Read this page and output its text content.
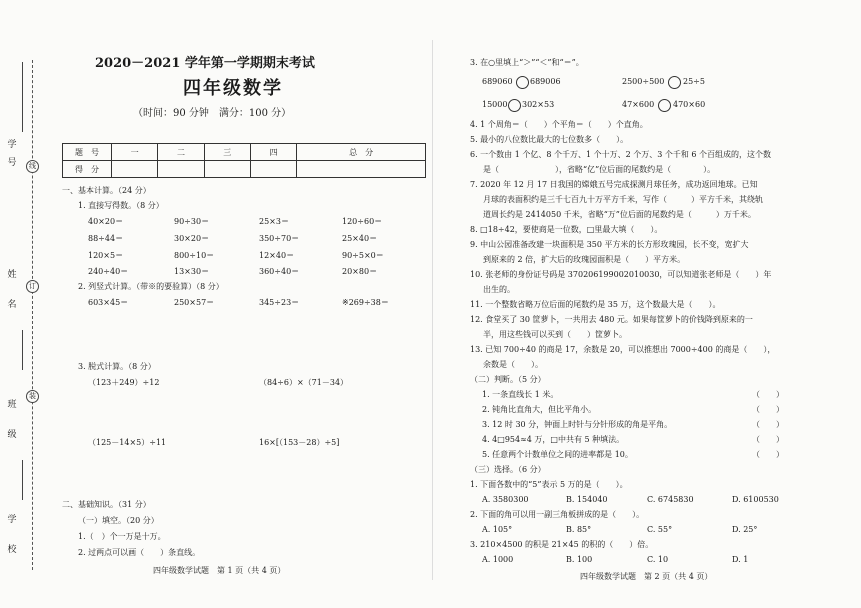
学
号
姓
名
班
级
学
校
线
订
装
2020－2021 学年第一学期期末考试
四年级数学
（时间：90 分钟　满分：100 分）
题　号	一	二	三	四	总　分
得　分					
一、基本计算。（24 分）
1. 直接写得数。（8 分）
40×20＝	90÷30＝	25×3＝	120÷60＝
88÷44＝	30×20＝	350÷70＝	25×40＝
120×5＝	800÷10＝	12×40＝	90÷5×0＝
240÷40＝	13×30＝	360÷40＝	20×80＝
2. 列竖式计算。（带※的要验算）（8 分）
603×45＝	250×57＝	345÷23＝	※269÷38＝
3. 脱式计算。（8 分）
（123＋249）÷12	（84÷6）×（71－34）
（125－14×5）÷11	16×[（153－28）÷5]
二、基础知识。（31 分）
（一）填空。（20 分）
1.（　）个一万是十万。
2. 过两点可以画（　　）条直线。
四年级数学试题　第 1 页（共 4 页）
3. 在○里填上“＞”“＜”和“＝”。
689060 689006	2500÷500 25÷5
15000 302×53	47×600 470×60
4. 1 个周角＝（　　）个平角＝（　　）个直角。
5. 最小的八位数比最大的七位数多（　　）。
6. 一个数由 1 个亿、8 个千万、1 个十万、2 个万、3 个千和 6 个百组成的，这个数
是（　　　　　　　），省略“亿”位后面的尾数约是（　　　　）。
7. 2020 年 12 月 17 日我国的嫦娥五号完成探测月球任务，成功返回地球。已知
月球的表面积约是三千七百九十万平方千米，写作（　　　）平方千米，其绕轨
道周长约是 2414050 千米，省略“万”位后面的尾数约是（　　　）万千米。
8. □18÷42，要使商是一位数，□里最大填（　　）。
9. 中山公园准备改建一块面积是 350 平方米的长方形玫瑰园，长不变，宽扩大
到原来的 2 倍，扩大后的玫瑰园面积是（　　）平方米。
10. 张老师的身份证号码是 370206199002010030，可以知道张老师是（　　）年
出生的。
11. 一个整数省略万位后面的尾数约是 35 万，这个数最大是（　　）。
12. 食堂买了 30 筐萝卜，一共用去 480 元。如果每筐萝卜的价钱降到原来的一
半，用这些钱可以买到（　　）筐萝卜。
13. 已知 700÷40 的商是 17，余数是 20，可以推想出 7000÷400 的商是（　　），
余数是（　　）。
（二）判断。（5 分）
1. 一条直线长 1 米。	（　　）
2. 钝角比直角大，但比平角小。	（　　）
3. 12 时 30 分，钟面上时针与分针形成的角是平角。	（　　）
4. 4□954≈4 万，□中共有 5 种填法。	（　　）
5. 任意两个计数单位之间的进率都是 10。	（　　）
（三）选择。（6 分）
1. 下面各数中的“5”表示 5 万的是（　　）。
A. 3580300	B. 154040	C. 6745830	D. 6100530
2. 下面的角可以用一副三角板拼成的是（　　）。
A. 105°	B. 85°	C. 55°	D. 25°
3. 210×4500 的积是 21×45 的积的（　　）倍。
A. 1000	B. 100	C. 10	D. 1
四年级数学试题　第 2 页（共 4 页）
